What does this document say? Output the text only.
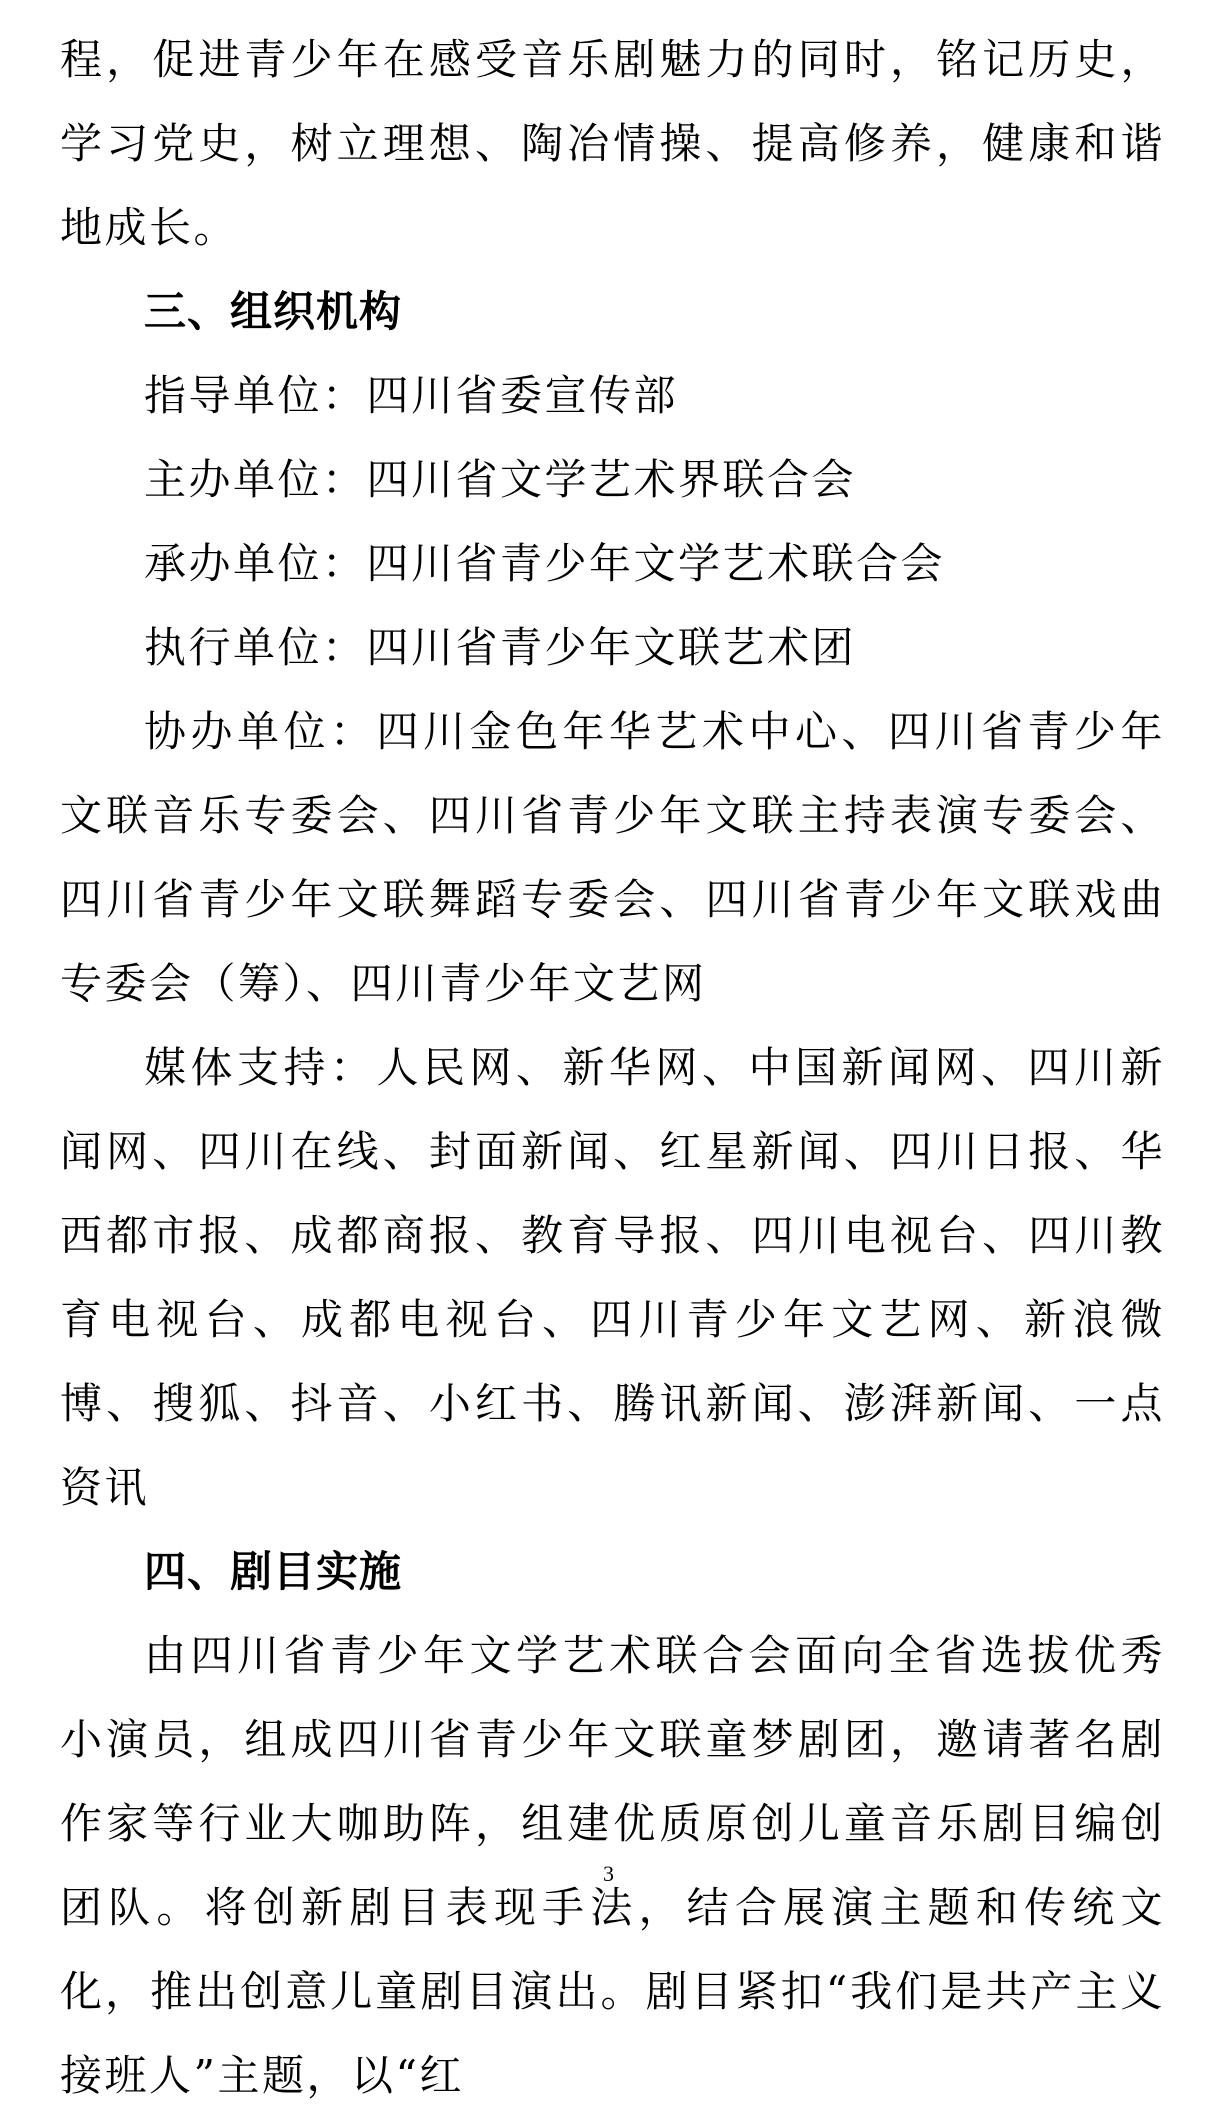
程，促进青少年在感受音乐剧魅力的同时，铭记历史，学习党史，树立理想、陶冶情操、提高修养，健康和谐地成长。

三、组织机构

指导单位：四川省委宣传部

主办单位：四川省文学艺术界联合会

承办单位：四川省青少年文学艺术联合会

执行单位：四川省青少年文联艺术团

协办单位：四川金色年华艺术中心、四川省青少年文联音乐专委会、四川省青少年文联主持表演专委会、四川省青少年文联舞蹈专委会、四川省青少年文联戏曲专委会（筹）、四川青少年文艺网

媒体支持：人民网、新华网、中国新闻网、四川新闻网、四川在线、封面新闻、红星新闻、四川日报、华西都市报、成都商报、教育导报、四川电视台、四川教育电视台、成都电视台、四川青少年文艺网、新浪微博、搜狐、抖音、小红书、腾讯新闻、澎湃新闻、一点资讯

四、剧目实施

由四川省青少年文学艺术联合会面向全省选拔优秀小演员，组成四川省青少年文联童梦剧团，邀请著名剧作家等行业大咖助阵，组建优质原创儿童音乐剧目编创团队。将创新剧目表现手法，结合展演主题和传统文化，推出创意儿童剧目演出。剧目紧扣“我们是共产主义接班人”主题，以“红

3
